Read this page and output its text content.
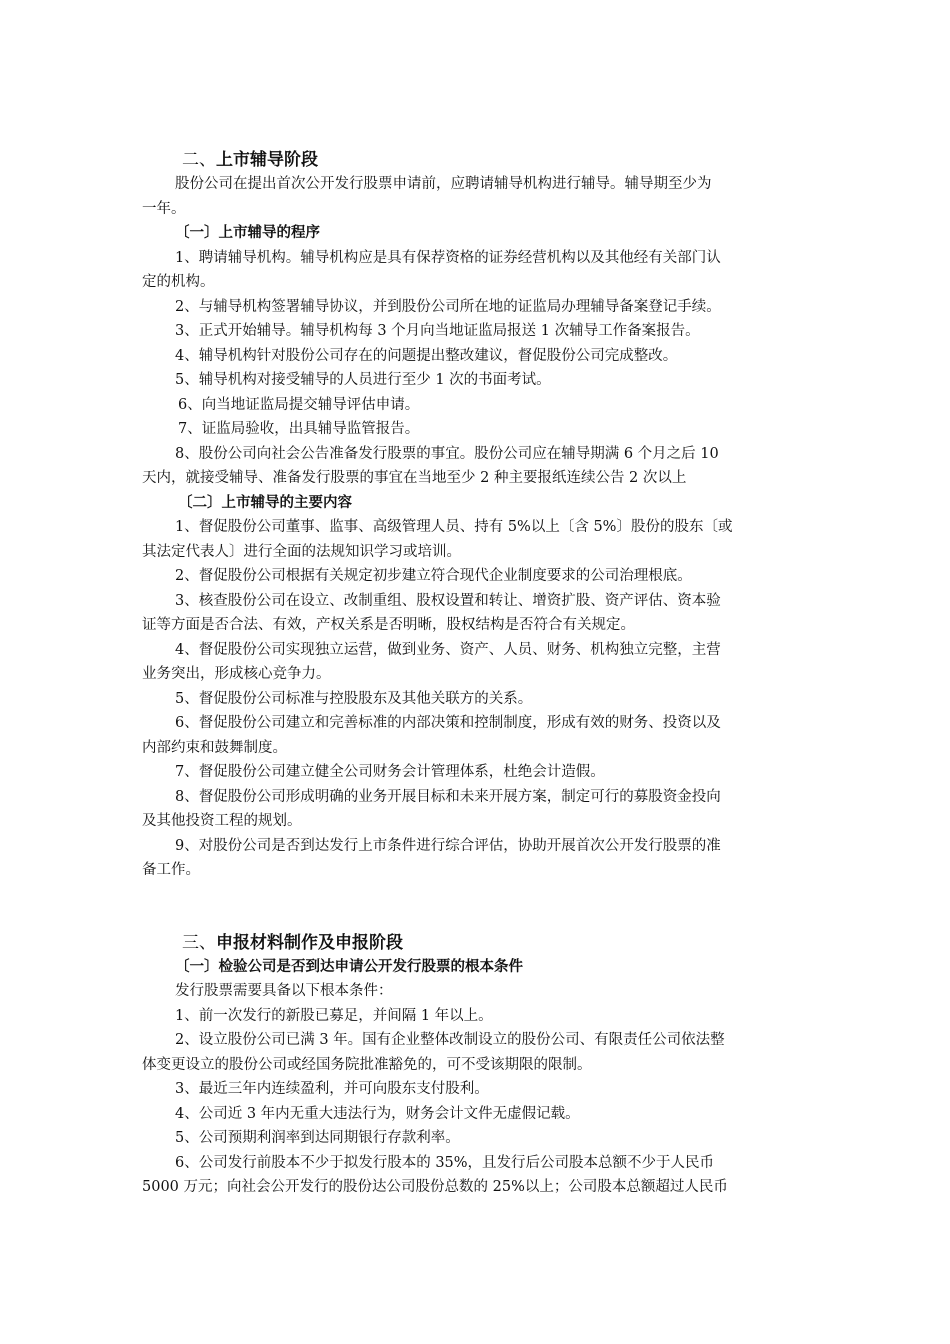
二、上市辅导阶段
股份公司在提出首次公开发行股票申请前，应聘请辅导机构进行辅导。辅导期至少为
一年。
〔一〕上市辅导的程序
1、聘请辅导机构。辅导机构应是具有保荐资格的证券经营机构以及其他经有关部门认
定的机构。
2、与辅导机构签署辅导协议，并到股份公司所在地的证监局办理辅导备案登记手续。
3、正式开始辅导。辅导机构每 3 个月向当地证监局报送 1 次辅导工作备案报告。
4、辅导机构针对股份公司存在的问题提出整改建议，督促股份公司完成整改。
5、辅导机构对接受辅导的人员进行至少 1 次的书面考试。
6、向当地证监局提交辅导评估申请。
7、证监局验收，出具辅导监管报告。
8、股份公司向社会公告准备发行股票的事宜。股份公司应在辅导期满 6 个月之后 10
天内，就接受辅导、准备发行股票的事宜在当地至少 2 种主要报纸连续公告 2 次以上
〔二〕上市辅导的主要内容
1、督促股份公司董事、监事、高级管理人员、持有 5%以上〔含 5%〕股份的股东〔或
其法定代表人〕进行全面的法规知识学习或培训。
2、督促股份公司根据有关规定初步建立符合现代企业制度要求的公司治理根底。
3、核查股份公司在设立、改制重组、股权设置和转让、增资扩股、资产评估、资本验
证等方面是否合法、有效，产权关系是否明晰，股权结构是否符合有关规定。
4、督促股份公司实现独立运营，做到业务、资产、人员、财务、机构独立完整，主营
业务突出，形成核心竞争力。
5、督促股份公司标准与控股股东及其他关联方的关系。
6、督促股份公司建立和完善标准的内部决策和控制制度，形成有效的财务、投资以及
内部约束和鼓舞制度。
7、督促股份公司建立健全公司财务会计管理体系，杜绝会计造假。
8、督促股份公司形成明确的业务开展目标和未来开展方案，制定可行的募股资金投向
及其他投资工程的规划。
9、对股份公司是否到达发行上市条件进行综合评估，协助开展首次公开发行股票的准
备工作。
三、申报材料制作及申报阶段
〔一〕检验公司是否到达申请公开发行股票的根本条件
发行股票需要具备以下根本条件：
1、前一次发行的新股已募足，并间隔 1 年以上。
2、设立股份公司已满 3 年。国有企业整体改制设立的股份公司、有限责任公司依法整
体变更设立的股份公司或经国务院批准豁免的，可不受该期限的限制。
3、最近三年内连续盈利，并可向股东支付股利。
4、公司近 3 年内无重大违法行为，财务会计文件无虚假记载。
5、公司预期利润率到达同期银行存款利率。
6、公司发行前股本不少于拟发行股本的 35%，且发行后公司股本总额不少于人民币
5000 万元；向社会公开发行的股份达公司股份总数的 25%以上；公司股本总额超过人民币
